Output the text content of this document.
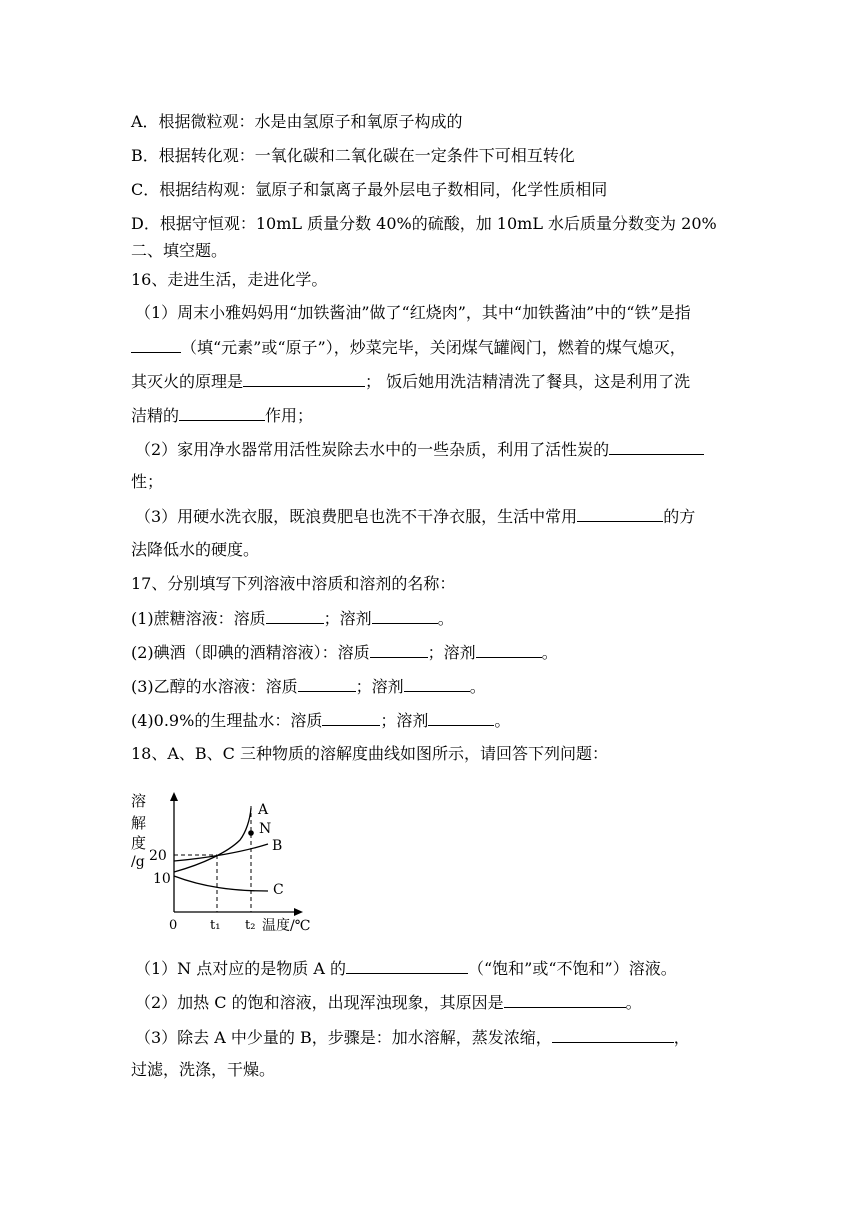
A．根据微粒观：水是由氢原子和氧原子构成的
B．根据转化观：一氧化碳和二氧化碳在一定条件下可相互转化
C．根据结构观：氩原子和氯离子最外层电子数相同，化学性质相同
D．根据守恒观：10mL 质量分数 40%的硫酸，加 10mL 水后质量分数变为 20%
二、填空题。
16、走进生活，走进化学。
（1）周末小雅妈妈用“加铁酱油”做了“红烧肉”，其中“加铁酱油”中的“铁”是指
（填“元素”或“原子”），炒菜完毕，关闭煤气罐阀门，燃着的煤气熄灭，
其灭火的原理是	； 饭后她用洗洁精清洗了餐具，这是利用了洗
洁精的	作用；
（2）家用净水器常用活性炭除去水中的一些杂质，利用了活性炭的
性；
（3）用硬水洗衣服，既浪费肥皂也洗不干净衣服，生活中常用	的方
法降低水的硬度。
17、分别填写下列溶液中溶质和溶剂的名称：
(1)蔗糖溶液：溶质	；溶剂	。
(2)碘酒（即碘的酒精溶液）：溶质	；溶剂	。
(3)乙醇的水溶液：溶质	；溶剂	。
(4)0.9%的生理盐水：溶质	；溶剂	。
18、A、B、C 三种物质的溶解度曲线如图所示，请回答下列问题：
溶
解
度
/g 20
10
0	t₁ t₂ 温度/℃
A
N
B
C
（1）N 点对应的是物质 A 的	（“饱和”或“不饱和”）溶液。
（2）加热 C 的饱和溶液，出现浑浊现象，其原因是	。
（3）除去 A 中少量的 B，步骤是：加水溶解，蒸发浓缩，	，
过滤，洗涤，干燥。
